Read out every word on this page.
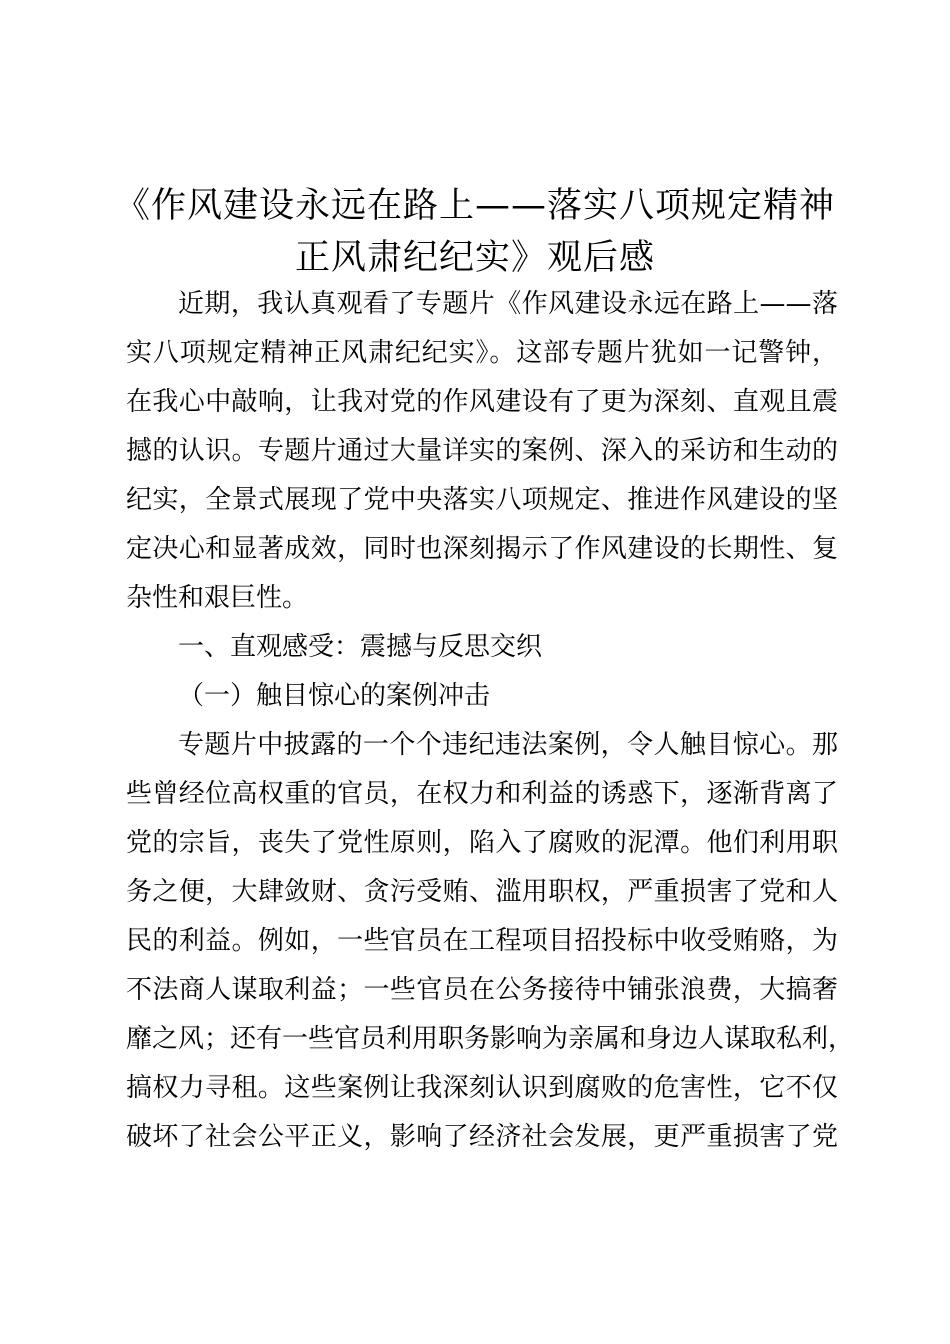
《作风建设永远在路上——落实八项规定精神
正风肃纪纪实》观后感
近期，我认真观看了专题片《作风建设永远在路上——落
实八项规定精神正风肃纪纪实》。这部专题片犹如一记警钟，
在我心中敲响，让我对党的作风建设有了更为深刻、直观且震
撼的认识。专题片通过大量详实的案例、深入的采访和生动的
纪实，全景式展现了党中央落实八项规定、推进作风建设的坚
定决心和显著成效，同时也深刻揭示了作风建设的长期性、复
杂性和艰巨性。
一、直观感受：震撼与反思交织
（一）触目惊心的案例冲击
专题片中披露的一个个违纪违法案例，令人触目惊心。那
些曾经位高权重的官员，在权力和利益的诱惑下，逐渐背离了
党的宗旨，丧失了党性原则，陷入了腐败的泥潭。他们利用职
务之便，大肆敛财、贪污受贿、滥用职权，严重损害了党和人
民的利益。例如，一些官员在工程项目招投标中收受贿赂，为
不法商人谋取利益；一些官员在公务接待中铺张浪费，大搞奢
靡之风；还有一些官员利用职务影响为亲属和身边人谋取私利，
搞权力寻租。这些案例让我深刻认识到腐败的危害性，它不仅
破坏了社会公平正义，影响了经济社会发展，更严重损害了党
